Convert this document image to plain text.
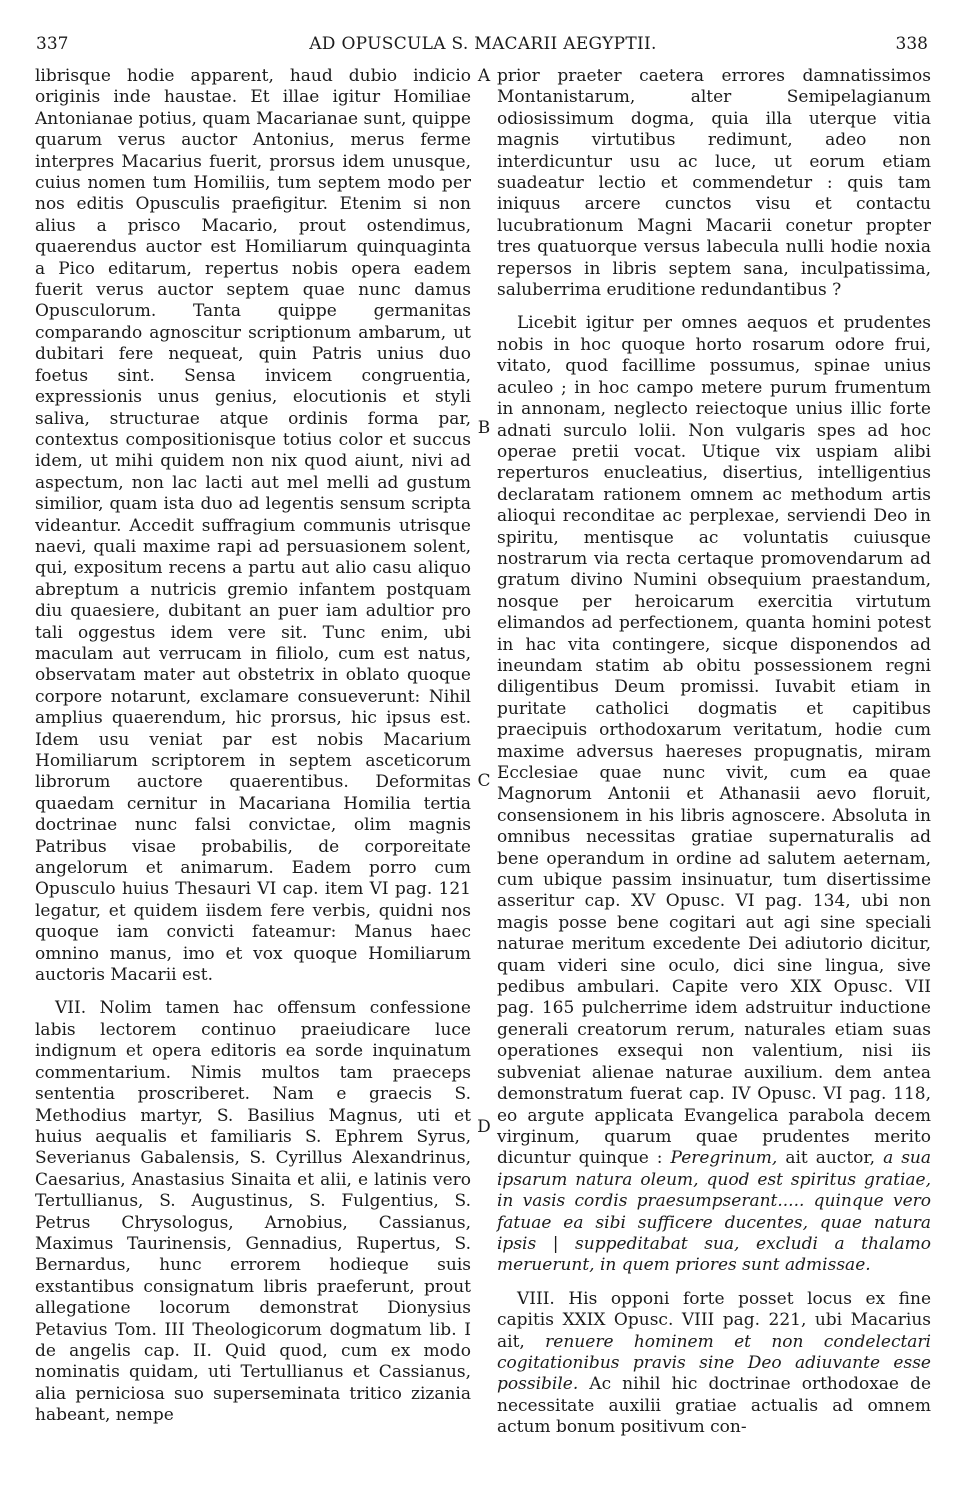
337	AD OPUSCULA S. MACARII AEGYPTII.	338
A
B
C
D

librisque hodie apparent, haud dubio indicio originis inde haustae. Et illae igitur Homiliae Antonianae potius, quam Macarianae sunt, quippe quarum verus auctor Antonius, merus ferme interpres Macarius fuerit, prorsus idem unusque, cuius nomen tum Homiliis, tum septem modo per nos editis Opusculis praefigitur. Etenim si non alius a prisco Macario, prout ostendimus, quaerendus auctor est Homiliarum quinquaginta a Pico editarum, repertus nobis opera eadem fuerit verus auctor septem quae nunc damus Opusculorum. Tanta quippe germanitas comparando agnoscitur scriptionum ambarum, ut dubitari fere nequeat, quin Patris unius duo foetus sint. Sensa invicem congruentia, expressionis unus genius, elocutionis et styli saliva, structurae atque ordinis forma par, contextus compositionisque totius color et succus idem, ut mihi quidem non nix quod aiunt, nivi ad aspectum, non lac lacti aut mel melli ad gustum similior, quam ista duo ad legentis sensum scripta videantur. Accedit suffragium communis utrisque naevi, quali maxime rapi ad persuasionem solent, qui, expositum recens a partu aut alio casu aliquo abreptum a nutricis gremio infantem postquam diu quaesiere, dubitant an puer iam adultior pro tali oggestus idem vere sit. Tunc enim, ubi maculam aut verrucam in filiolo, cum est natus, observatam mater aut obstetrix in oblato quoque corpore notarunt, exclamare consueverunt: Nihil amplius quaerendum, hic prorsus, hic ipsus est. Idem usu veniat par est nobis Macarium Homiliarum scriptorem in septem asceticorum librorum auctore quaerentibus. Deformitas quaedam cernitur in Macariana Homilia tertia doctrinae nunc falsi convictae, olim magnis Patribus visae probabilis, de corporeitate angelorum et animarum. Eadem porro cum Opusculo huius Thesauri VI cap. item VI pag. 121 legatur, et quidem iisdem fere verbis, quidni nos quoque iam convicti fateamur: Manus haec omnino manus, imo et vox quoque Homiliarum auctoris Macarii est.

VII. Nolim tamen hac offensum confessione labis lectorem continuo praeiudicare luce indignum et opera editoris ea sorde inquinatum commentarium. Nimis multos tam praeceps sententia proscriberet. Nam e graecis S. Methodius martyr, S. Basilius Magnus, uti et huius aequalis et familiaris S. Ephrem Syrus, Severianus Gabalensis, S. Cyrillus Alexandrinus, Caesarius, Anastasius Sinaita et alii, e latinis vero Tertullianus, S. Augustinus, S. Fulgentius, S. Petrus Chrysologus, Arnobius, Cassianus, Maximus Taurinensis, Gennadius, Rupertus, S. Bernardus, hunc errorem hodieque suis exstantibus consignatum libris praeferunt, prout allegatione locorum demonstrat Dionysius Petavius Tom. III Theologicorum dogmatum lib. I de angelis cap. II. Quid quod, cum ex modo nominatis quidam, uti Tertullianus et Cassianus, alia perniciosa suo superseminata tritico zizania habeant, nempe

prior praeter caetera errores damnatissimos Montanistarum, alter Semipelagianum odiosissimum dogma, quia illa uterque vitia magnis virtutibus redimunt, adeo non interdicuntur usu ac luce, ut eorum etiam suadeatur lectio et commendetur : quis tam iniquus arcere cunctos visu et contactu lucubrationum Magni Macarii conetur propter tres quatuorque versus labecula nulli hodie noxia repersos in libris septem sana, inculpatissima, saluberrima eruditione redundantibus ?

Licebit igitur per omnes aequos et prudentes nobis in hoc quoque horto rosarum odore frui, vitato, quod facillime possumus, spinae unius aculeo ; in hoc campo metere purum frumentum in annonam, neglecto reiectoque unius illic forte adnati surculo lolii. Non vulgaris spes ad hoc operae pretii vocat. Utique vix uspiam alibi reperturos enucleatius, disertius, intelligentius declaratam rationem omnem ac methodum artis alioqui reconditae ac perplexae, serviendi Deo in spiritu, mentisque ac voluntatis cuiusque nostrarum via recta certaque promovendarum ad gratum divino Numini obsequium praestandum, nosque per heroicarum exercitia virtutum elimandos ad perfectionem, quanta homini potest in hac vita contingere, sicque disponendos ad ineundam statim ab obitu possessionem regni diligentibus Deum promissi. Iuvabit etiam in puritate catholici dogmatis et capitibus praecipuis orthodoxarum veritatum, hodie cum maxime adversus haereses propugnatis, miram Ecclesiae quae nunc vivit, cum ea quae Magnorum Antonii et Athanasii aevo floruit, consensionem in his libris agnoscere. Absoluta in omnibus necessitas gratiae supernaturalis ad bene operandum in ordine ad salutem aeternam, cum ubique passim insinuatur, tum disertissime asseritur cap. XV Opusc. VI pag. 134, ubi non magis posse bene cogitari aut agi sine speciali naturae meritum excedente Dei adiutorio dicitur, quam videri sine oculo, dici sine lingua, sive pedibus ambulari. Capite vero XIX Opusc. VII pag. 165 pulcherrime idem adstruitur inductione generali creatorum rerum, naturales etiam suas operationes exsequi non valentium, nisi iis subveniat alienae naturae auxilium. dem antea demonstratum fuerat cap. IV Opusc. VI pag. 118, eo argute applicata Evangelica parabola decem virginum, quarum quae prudentes merito dicuntur quinque : Peregrinum, ait auctor, a sua ipsarum natura oleum, quod est spiritus gratiae, in vasis cordis praesumpserant..... quinque vero fatuae ea sibi sufficere ducentes, quae natura ipsis | suppeditabat sua, excludi a thalamo meruerunt, in quem priores sunt admissae.

VIII. His opponi forte posset locus ex fine capitis XXIX Opusc. VIII pag. 221, ubi Macarius ait, renuere hominem et non condelectari cogitationibus pravis sine Deo adiuvante esse possibile. Ac nihil hic doctrinae orthodoxae de necessitate auxilii gratiae actualis ad omnem actum bonum positivum con-
